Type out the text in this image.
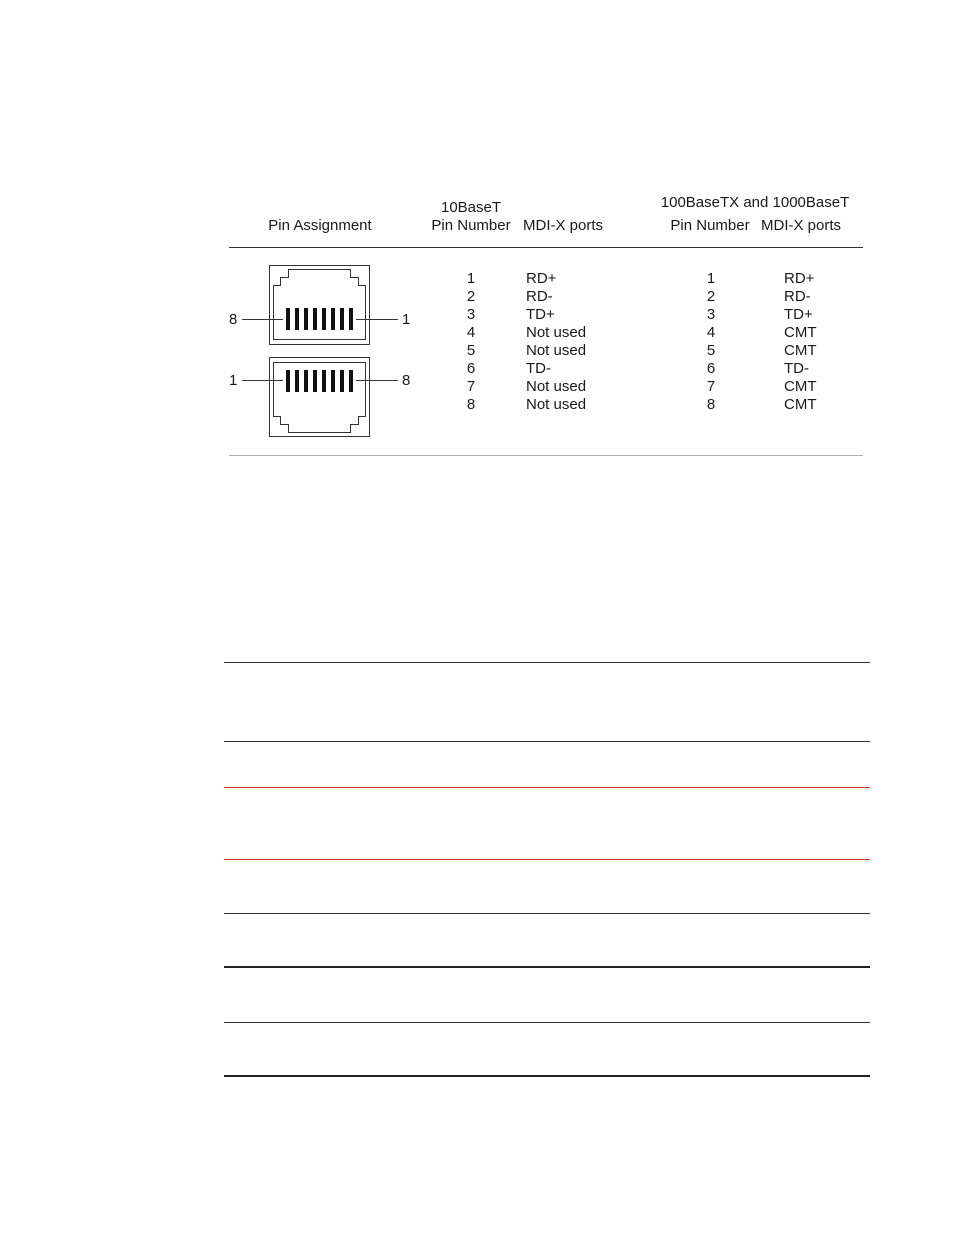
Pin Assignment
10BaseT
Pin Number MDI-X ports
100BaseTX and 1000BaseT
Pin Number MDI-X ports
8	1
1	8
1
2
3
4
5
6
7
8
RD+
RD-
TD+
Not used
Not used
TD-
Not used
Not used
1
2
3
4
5
6
7
8
RD+
RD-
TD+
CMT
CMT
TD-
CMT
CMT
